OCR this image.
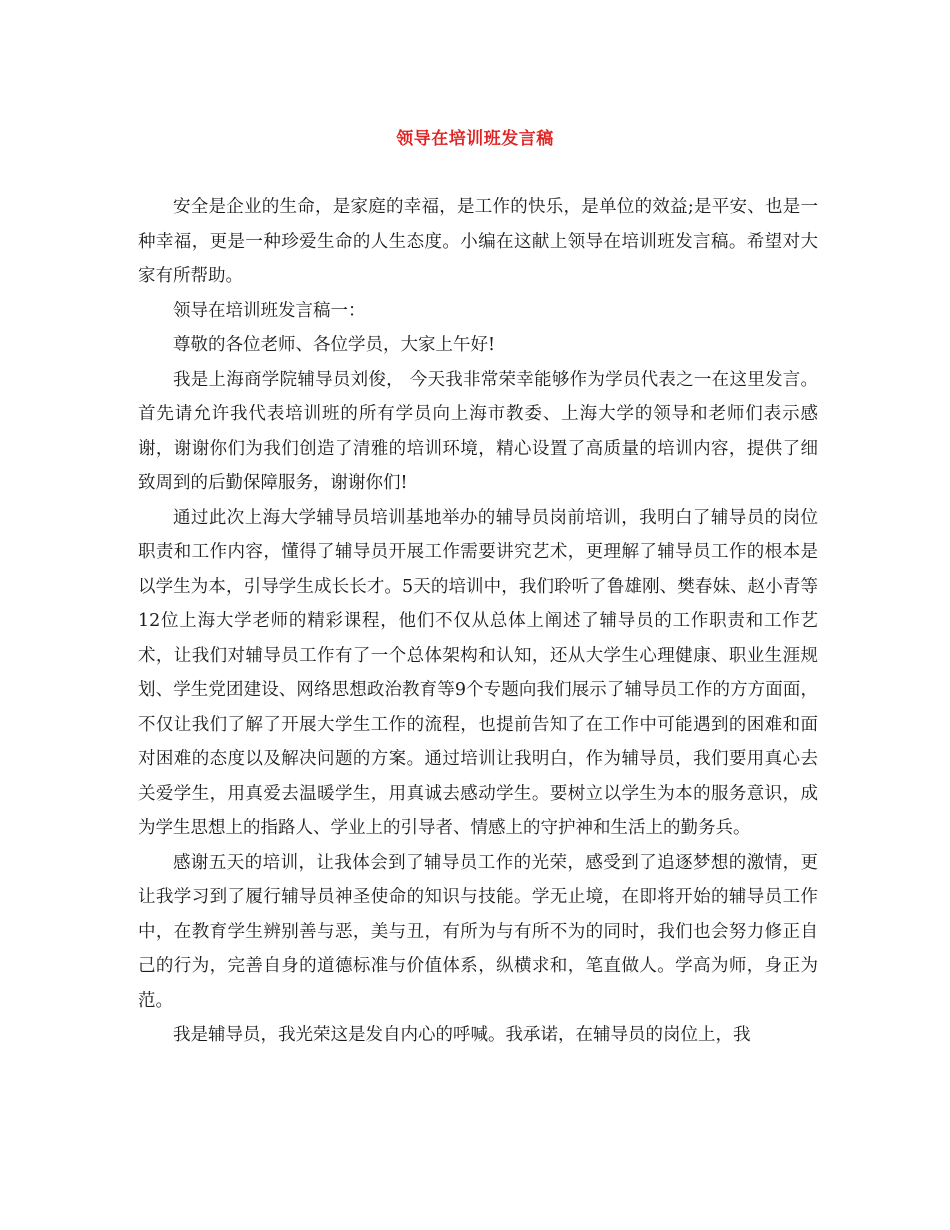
领导在培训班发言稿

安全是企业的生命，是家庭的幸福，是工作的快乐，是单位的效益;是平安、也是一种幸福，更是一种珍爱生命的人生态度。小编在这献上领导在培训班发言稿。希望对大家有所帮助。

领导在培训班发言稿一：

尊敬的各位老师、各位学员，大家上午好!

我是上海商学院辅导员刘俊， 今天我非常荣幸能够作为学员代表之一在这里发言。首先请允许我代表培训班的所有学员向上海市教委、上海大学的领导和老师们表示感谢，谢谢你们为我们创造了清雅的培训环境，精心设置了高质量的培训内容，提供了细致周到的后勤保障服务，谢谢你们!

通过此次上海大学辅导员培训基地举办的辅导员岗前培训，我明白了辅导员的岗位职责和工作内容，懂得了辅导员开展工作需要讲究艺术，更理解了辅导员工作的根本是以学生为本，引导学生成长长才。5天的培训中，我们聆听了鲁雄刚、樊春妹、赵小青等12位上海大学老师的精彩课程，他们不仅从总体上阐述了辅导员的工作职责和工作艺术，让我们对辅导员工作有了一个总体架构和认知，还从大学生心理健康、职业生涯规划、学生党团建设、网络思想政治教育等9个专题向我们展示了辅导员工作的方方面面，不仅让我们了解了开展大学生工作的流程，也提前告知了在工作中可能遇到的困难和面对困难的态度以及解决问题的方案。通过培训让我明白，作为辅导员，我们要用真心去关爱学生，用真爱去温暖学生，用真诚去感动学生。要树立以学生为本的服务意识，成为学生思想上的指路人、学业上的引导者、情感上的守护神和生活上的勤务兵。

感谢五天的培训，让我体会到了辅导员工作的光荣，感受到了追逐梦想的激情，更让我学习到了履行辅导员神圣使命的知识与技能。学无止境，在即将开始的辅导员工作中，在教育学生辨别善与恶，美与丑，有所为与有所不为的同时，我们也会努力修正自己的行为，完善自身的道德标准与价值体系，纵横求和，笔直做人。学高为师，身正为范。

我是辅导员，我光荣这是发自内心的呼喊。我承诺，在辅导员的岗位上，我
